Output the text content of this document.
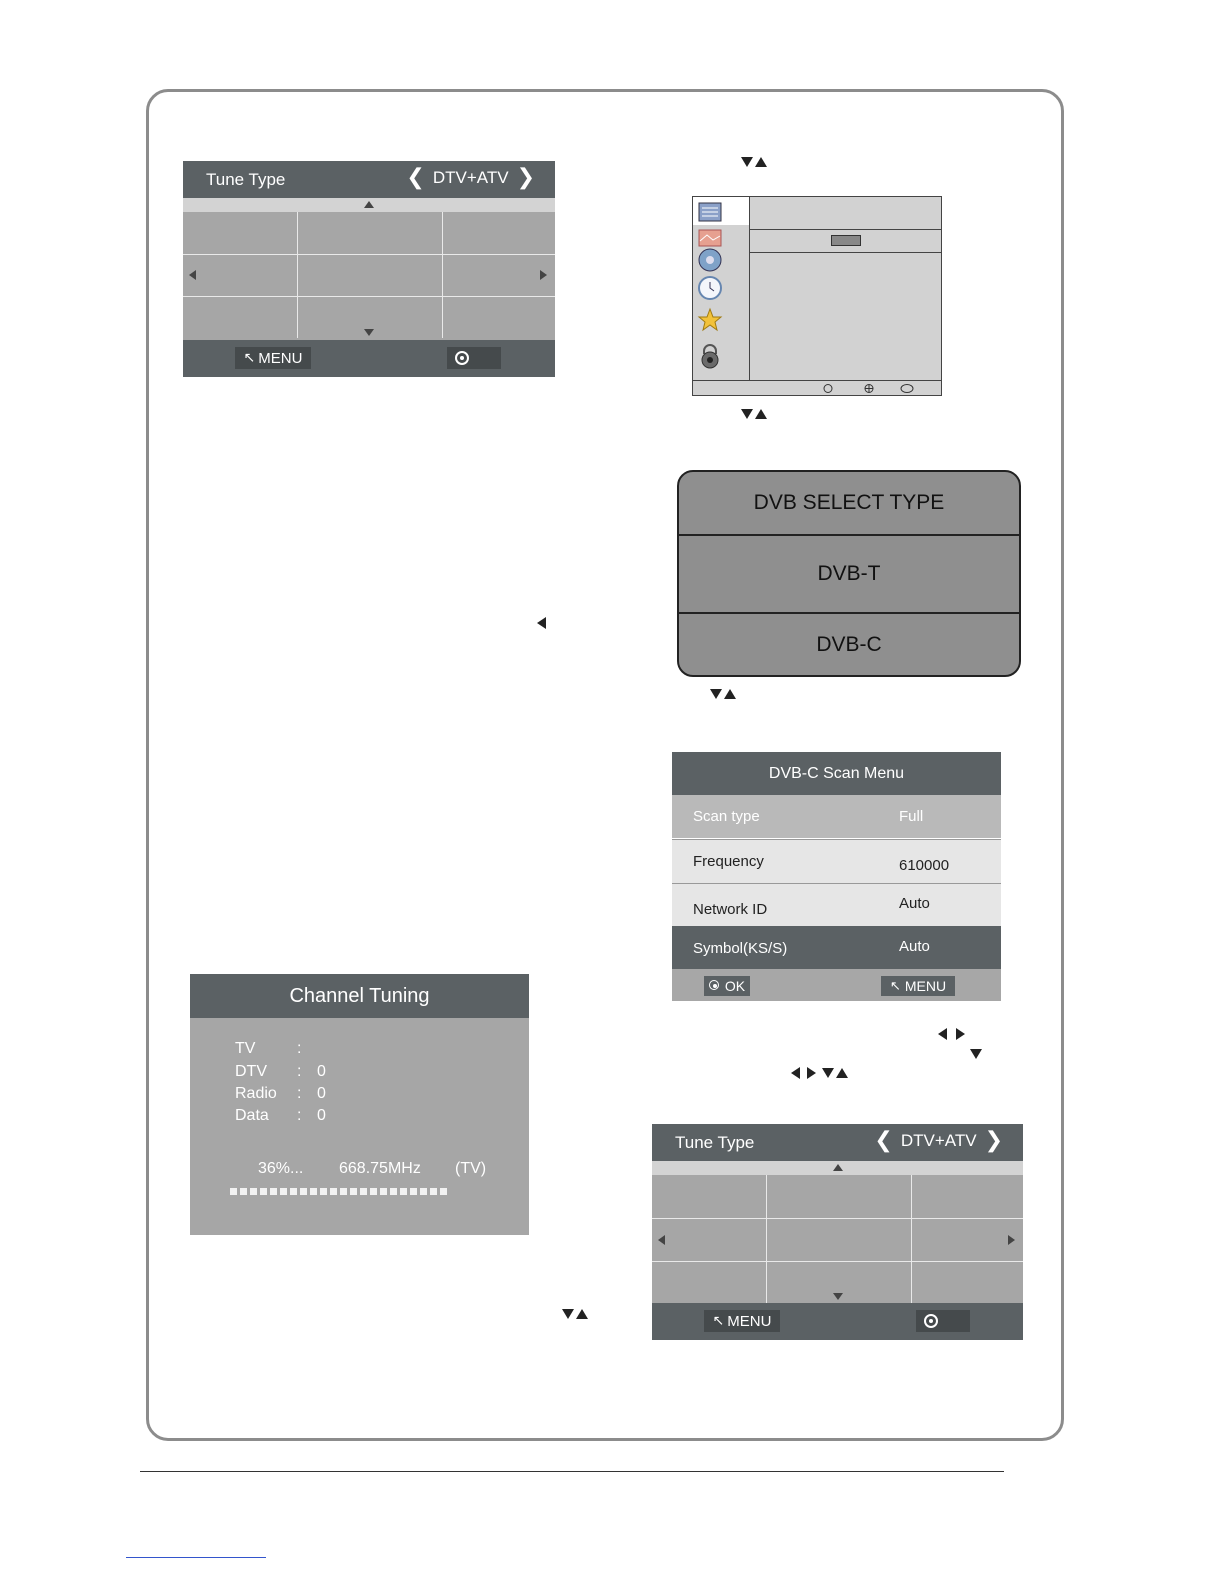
Tune Type	❮ DTV+ATV ❯
↖ MENU
DVB SELECT TYPE
DVB-T
DVB-C
DVB-C Scan Menu
Scan type	Full
Frequency	610000
Network ID	Auto
Symbol(KS/S)	Auto
OK	↖ MENU
Channel Tuning
TV	:
DTV : 0
Radio : 0
Data : 0
36%... 668.75MHz (TV)
Tune Type	❮ DTV+ATV ❯
↖ MENU
